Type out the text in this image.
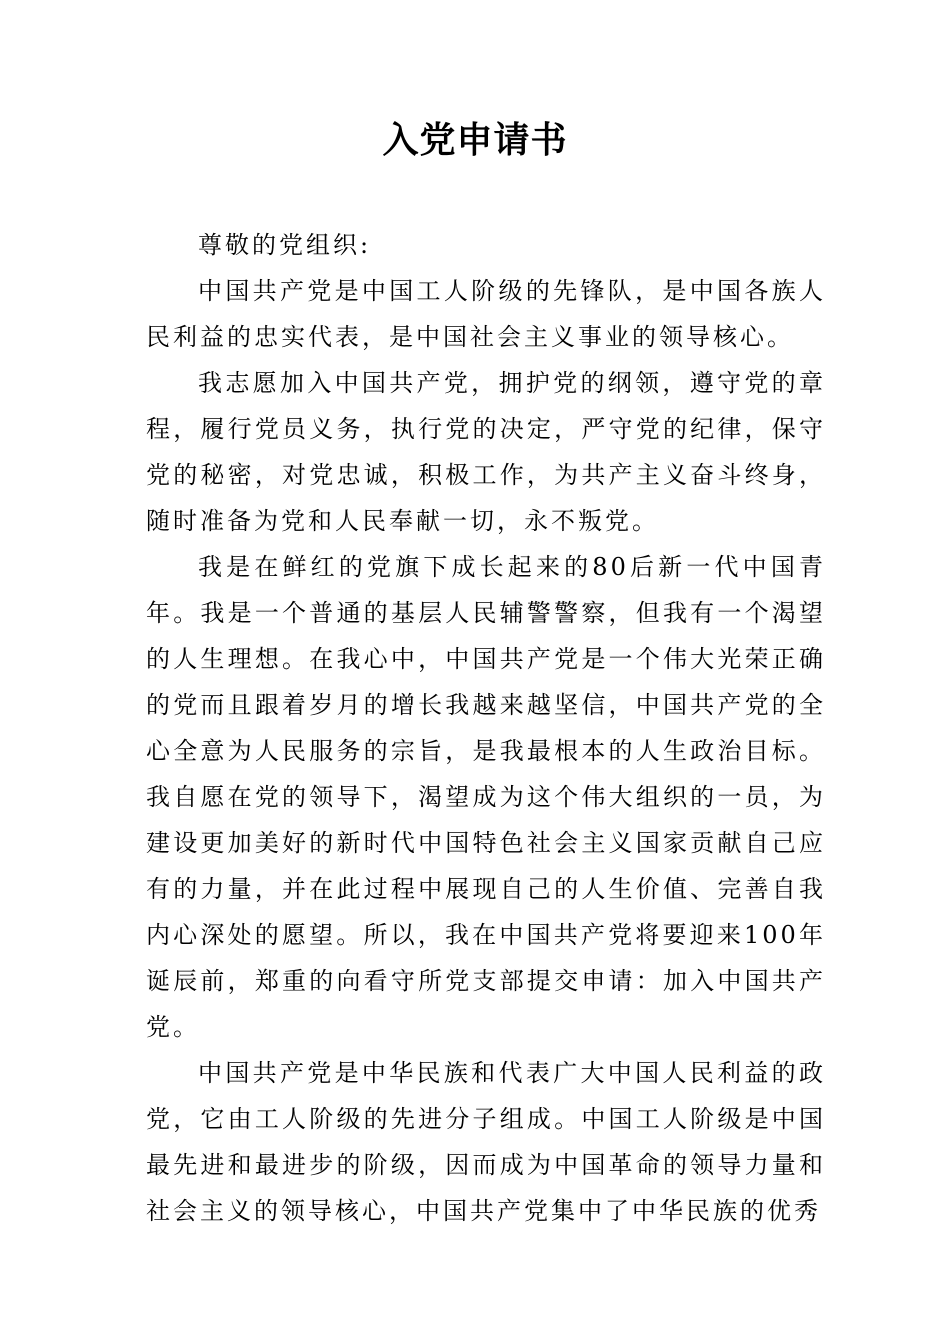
入党申请书

尊敬的党组织:

中国共产党是中国工人阶级的先锋队，是中国各族人民利益的忠实代表，是中国社会主义事业的领导核心。

我志愿加入中国共产党，拥护党的纲领，遵守党的章程，履行党员义务，执行党的决定，严守党的纪律，保守党的秘密，对党忠诚，积极工作，为共产主义奋斗终身，随时准备为党和人民奉献一切，永不叛党。

我是在鲜红的党旗下成长起来的80后新一代中国青年。我是一个普通的基层人民辅警警察，但我有一个渴望的人生理想。在我心中，中国共产党是一个伟大光荣正确的党而且跟着岁月的增长我越来越坚信，中国共产党的全心全意为人民服务的宗旨，是我最根本的人生政治目标。我自愿在党的领导下，渴望成为这个伟大组织的一员，为建设更加美好的新时代中国特色社会主义国家贡献自己应有的力量，并在此过程中展现自己的人生价值、完善自我内心深处的愿望。所以，我在中国共产党将要迎来100年诞辰前，郑重的向看守所党支部提交申请：加入中国共产党。

中国共产党是中华民族和代表广大中国人民利益的政党，它由工人阶级的先进分子组成。中国工人阶级是中国最先进和最进步的阶级，因而成为中国革命的领导力量和社会主义的领导核心，中国共产党集中了中华民族的优秀
